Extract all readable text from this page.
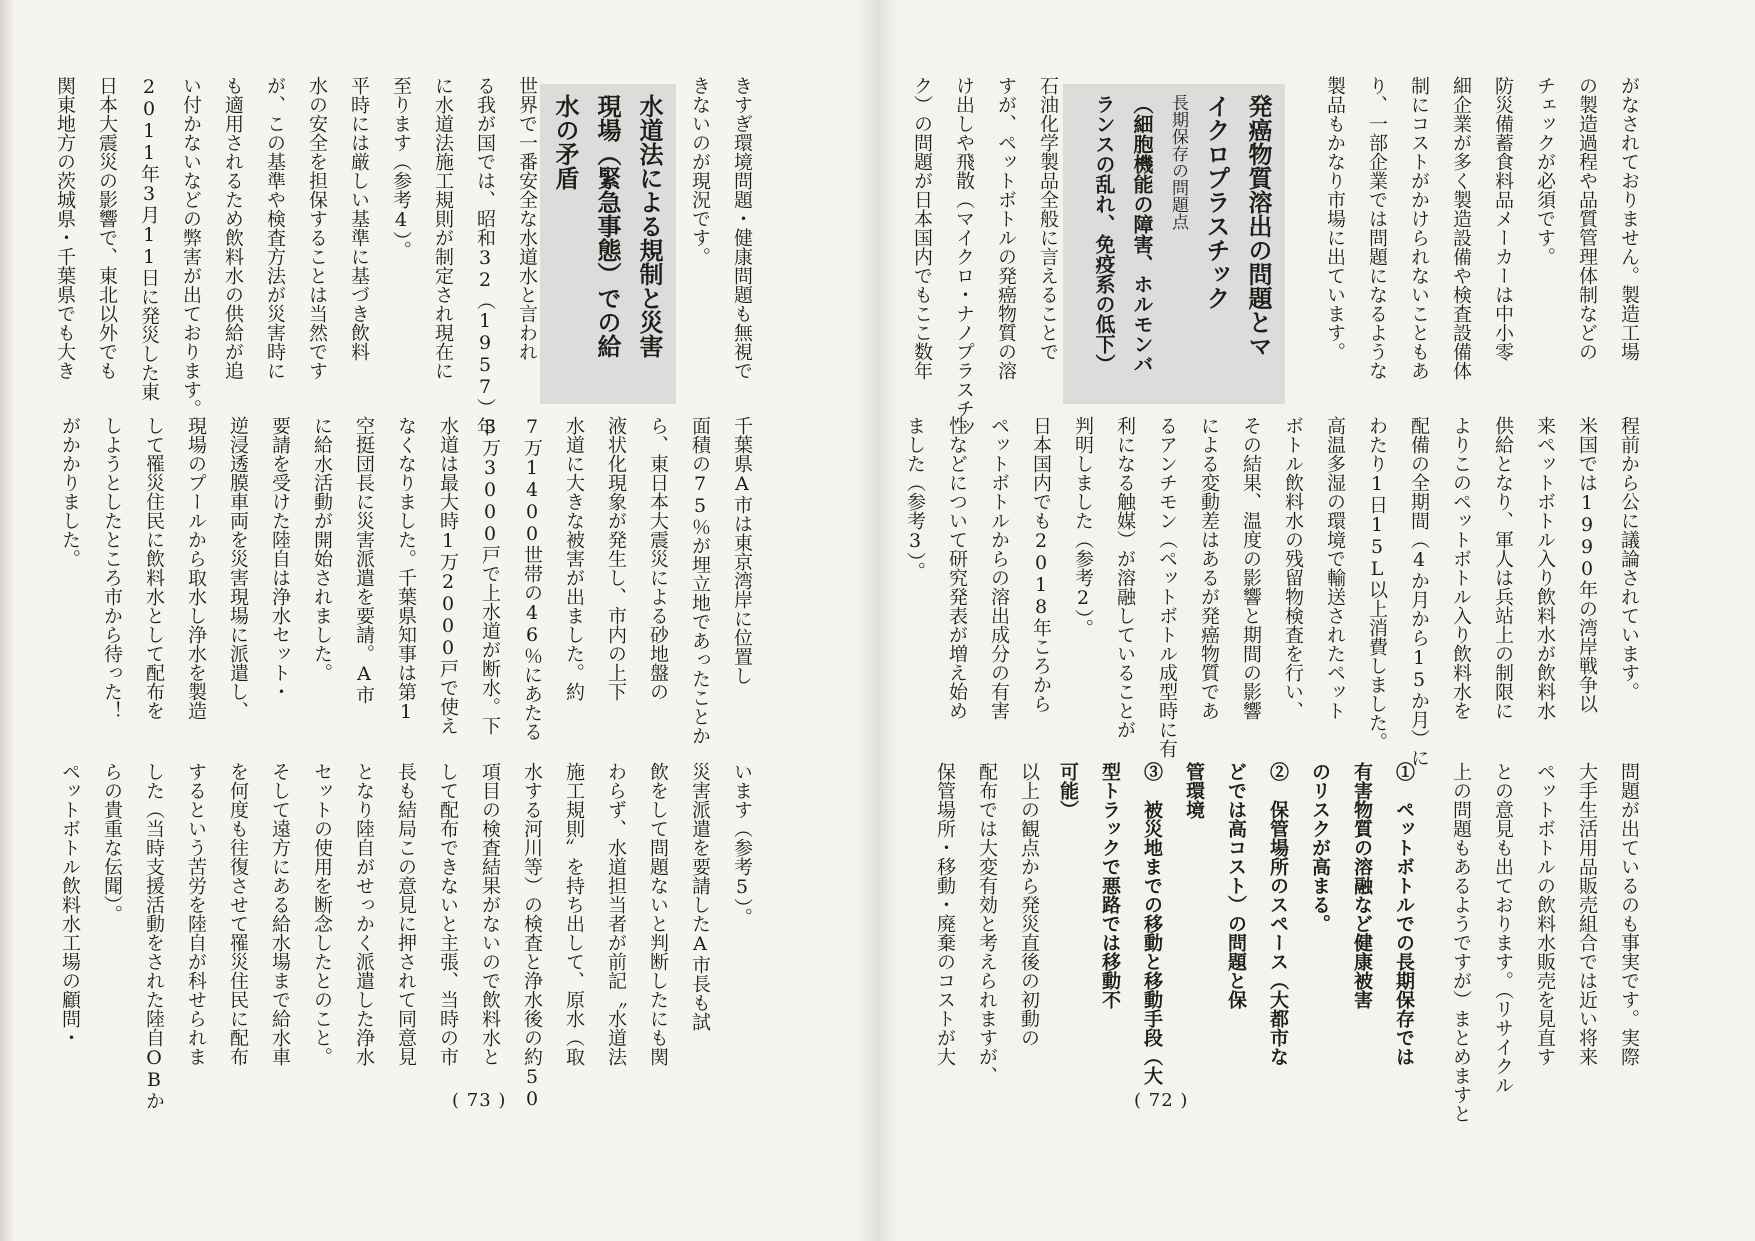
きすぎ環境問題・健康問題も無視で
きないのが現況です。
水道法による規制と災害
現場（緊急事態）での給
水の矛盾
世界で一番安全な水道水と言われ
る我が国では、昭和32（1957）年
に水道法施工規則が制定され現在に
至ります（参考4）。
平時には厳しい基準に基づき飲料
水の安全を担保することは当然です
が、この基準や検査方法が災害時に
も適用されるため飲料水の供給が追
い付かないなどの弊害が出ております。
2011年3月11日に発災した東
日本大震災の影響で、東北以外でも
関東地方の茨城県・千葉県でも大き
千葉県A市は東京湾岸に位置し
面積の75％が埋立地であったことか
ら、東日本大震災による砂地盤の
液状化現象が発生し、市内の上下
水道に大きな被害が出ました。約
7万1400世帯の46％にあたる
3万3000戸で上水道が断水。下
水道は最大時1万2000戸で使え
なくなりました。千葉県知事は第1
空挺団長に災害派遣を要請。A市
に給水活動が開始されました。
要請を受けた陸自は浄水セット・
逆浸透膜車両を災害現場に派遣し、
現場のプールから取水し浄水を製造
して罹災住民に飲料水として配布を
しようとしたところ市から待った！
がかかりました。
います（参考5）。
災害派遣を要請したA市長も試
飲をして問題ないと判断したにも関
わらず、水道担当者が前記〝水道法
施工規則〟を持ち出して、原水（取
水する河川等）の検査と浄水後の約50
項目の検査結果がないので飲料水と
して配布できないと主張、当時の市
長も結局この意見に押されて同意見
となり陸自がせっかく派遣した浄水
セットの使用を断念したとのこと。
そして遠方にある給水場まで給水車
を何度も往復させて罹災住民に配布
するという苦労を陸自が科せられま
した（当時支援活動をされた陸自OBか
らの貴重な伝聞）。
ペットボトル飲料水工場の顧問・
( 73 )
がなされておりません。製造工場
の製造過程や品質管理体制などの
チェックが必須です。
防災備蓄食料品メーカーは中小零
細企業が多く製造設備や検査設備体
制にコストがかけられないこともあ
り、一部企業では問題になるような
製品もかなり市場に出ています。
発癌物質溶出の問題とマ
イクロプラスチック
長期保存の問題点
（細胞機能の障害、ホルモンバ
ランスの乱れ、免疫系の低下）
石油化学製品全般に言えることで
すが、ペットボトルの発癌物質の溶
け出しや飛散（マイクロ・ナノプラスチッ
ク）の問題が日本国内でもここ数年
程前から公に議論されています。
米国では1990年の湾岸戦争以
来ペットボトル入り飲料水が飲料水
供給となり、軍人は兵站上の制限に
よりこのペットボトル入り飲料水を
配備の全期間（4か月から15か月）に
わたり1日15L以上消費しました。
高温多湿の環境で輸送されたペット
ボトル飲料水の残留物検査を行い、
その結果、温度の影響と期間の影響
による変動差はあるが発癌物質であ
るアンチモン（ペットボトル成型時に有
利になる触媒）が溶融していることが
判明しました（参考2）。
日本国内でも2018年ころから
ペットボトルからの溶出成分の有害
性などについて研究発表が増え始め
ました（参考3）。
問題が出ているのも事実です。実際
大手生活用品販売組合では近い将来
ペットボトルの飲料水販売を見直す
との意見も出ております。（リサイクル
上の問題もあるようですが）まとめますと
①　ペットボトルでの長期保存では
有害物質の溶融など健康被害
のリスクが高まる。
②　保管場所のスペース（大都市な
どでは高コスト）の問題と保
管環境
③　被災地までの移動と移動手段（大
型トラックで悪路では移動不
可能）
以上の観点から発災直後の初動の
配布では大変有効と考えられますが、
保管場所・移動・廃棄のコストが大
( 72 )
